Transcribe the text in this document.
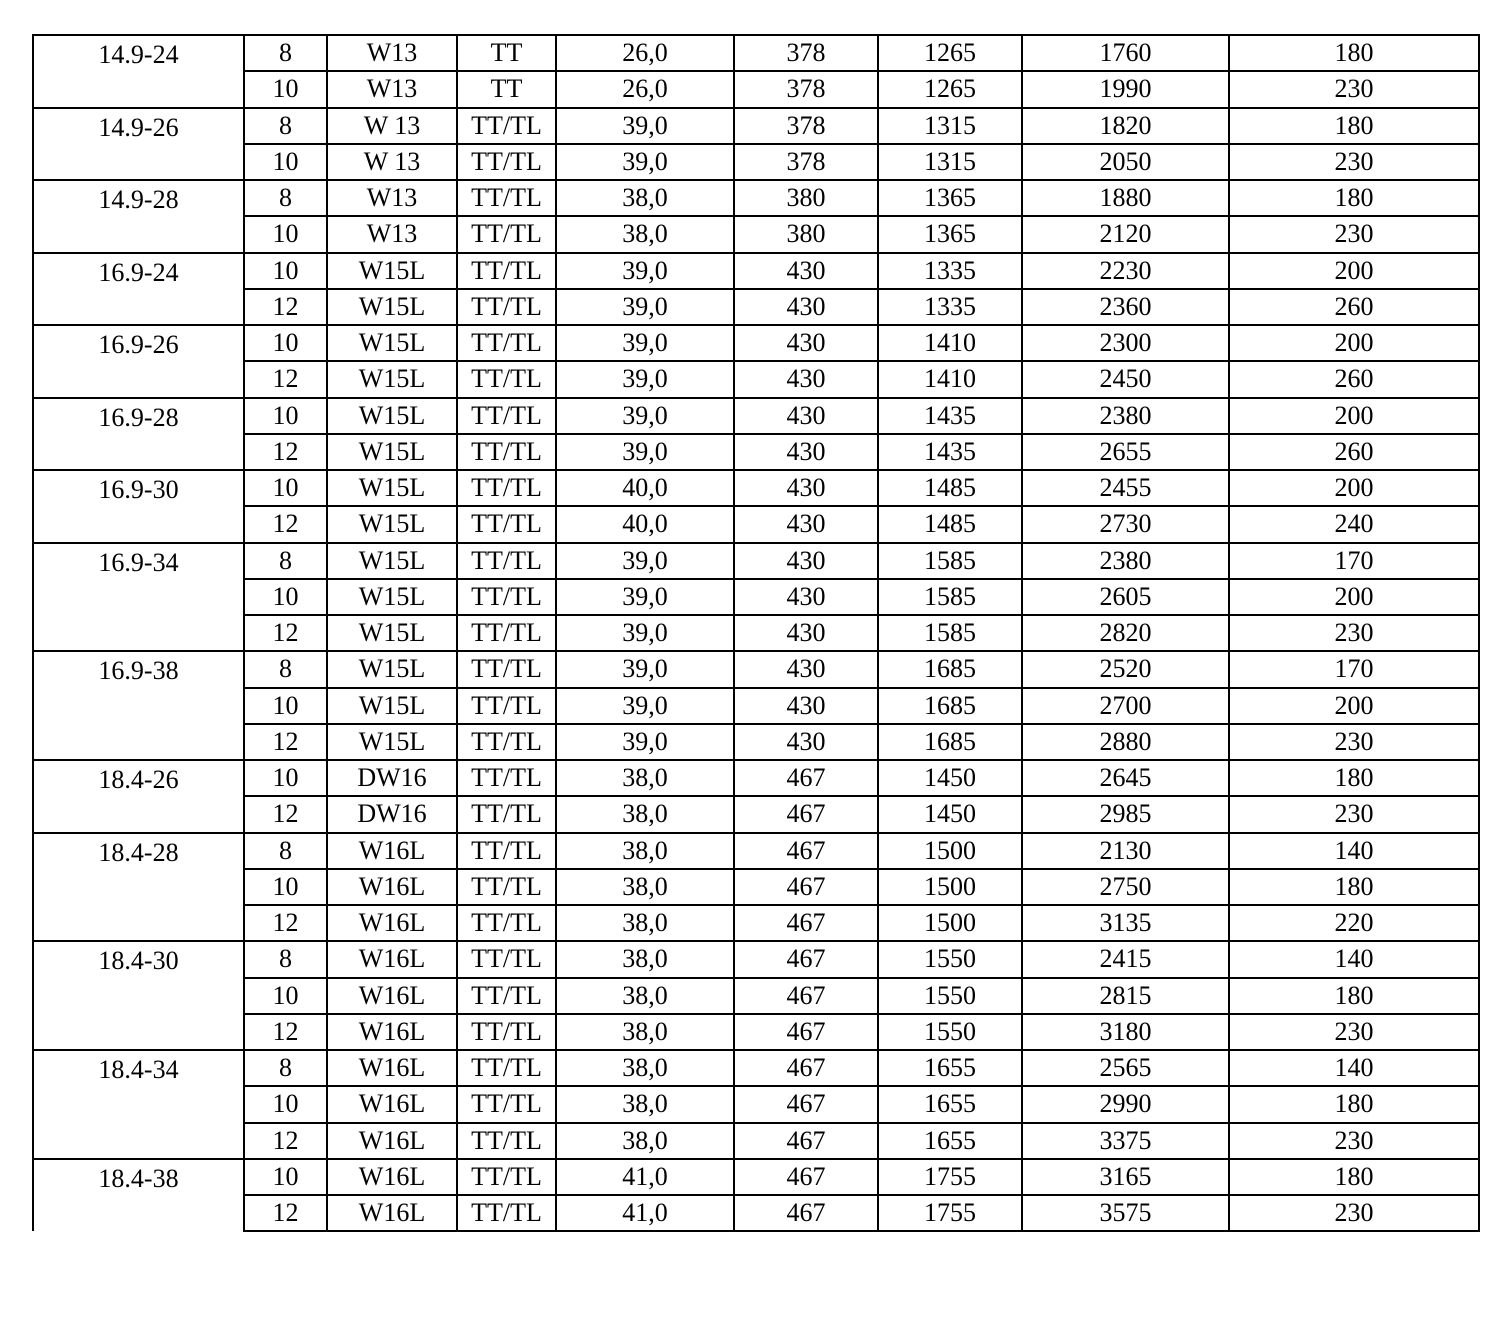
14.9-24	8	W13	TT	26,0	378	1265	1760	180
	10	W13	TT	26,0	378	1265	1990	230
14.9-26	8	W 13	TT/TL	39,0	378	1315	1820	180
	10	W 13	TT/TL	39,0	378	1315	2050	230
14.9-28	8	W13	TT/TL	38,0	380	1365	1880	180
	10	W13	TT/TL	38,0	380	1365	2120	230
16.9-24	10	W15L	TT/TL	39,0	430	1335	2230	200
	12	W15L	TT/TL	39,0	430	1335	2360	260
16.9-26	10	W15L	TT/TL	39,0	430	1410	2300	200
	12	W15L	TT/TL	39,0	430	1410	2450	260
16.9-28	10	W15L	TT/TL	39,0	430	1435	2380	200
	12	W15L	TT/TL	39,0	430	1435	2655	260
16.9-30	10	W15L	TT/TL	40,0	430	1485	2455	200
	12	W15L	TT/TL	40,0	430	1485	2730	240
16.9-34	8	W15L	TT/TL	39,0	430	1585	2380	170
	10	W15L	TT/TL	39,0	430	1585	2605	200
	12	W15L	TT/TL	39,0	430	1585	2820	230
16.9-38	8	W15L	TT/TL	39,0	430	1685	2520	170
	10	W15L	TT/TL	39,0	430	1685	2700	200
	12	W15L	TT/TL	39,0	430	1685	2880	230
18.4-26	10	DW16	TT/TL	38,0	467	1450	2645	180
	12	DW16	TT/TL	38,0	467	1450	2985	230
18.4-28	8	W16L	TT/TL	38,0	467	1500	2130	140
	10	W16L	TT/TL	38,0	467	1500	2750	180
	12	W16L	TT/TL	38,0	467	1500	3135	220
18.4-30	8	W16L	TT/TL	38,0	467	1550	2415	140
	10	W16L	TT/TL	38,0	467	1550	2815	180
	12	W16L	TT/TL	38,0	467	1550	3180	230
18.4-34	8	W16L	TT/TL	38,0	467	1655	2565	140
	10	W16L	TT/TL	38,0	467	1655	2990	180
	12	W16L	TT/TL	38,0	467	1655	3375	230
18.4-38	10	W16L	TT/TL	41,0	467	1755	3165	180
	12	W16L	TT/TL	41,0	467	1755	3575	230
